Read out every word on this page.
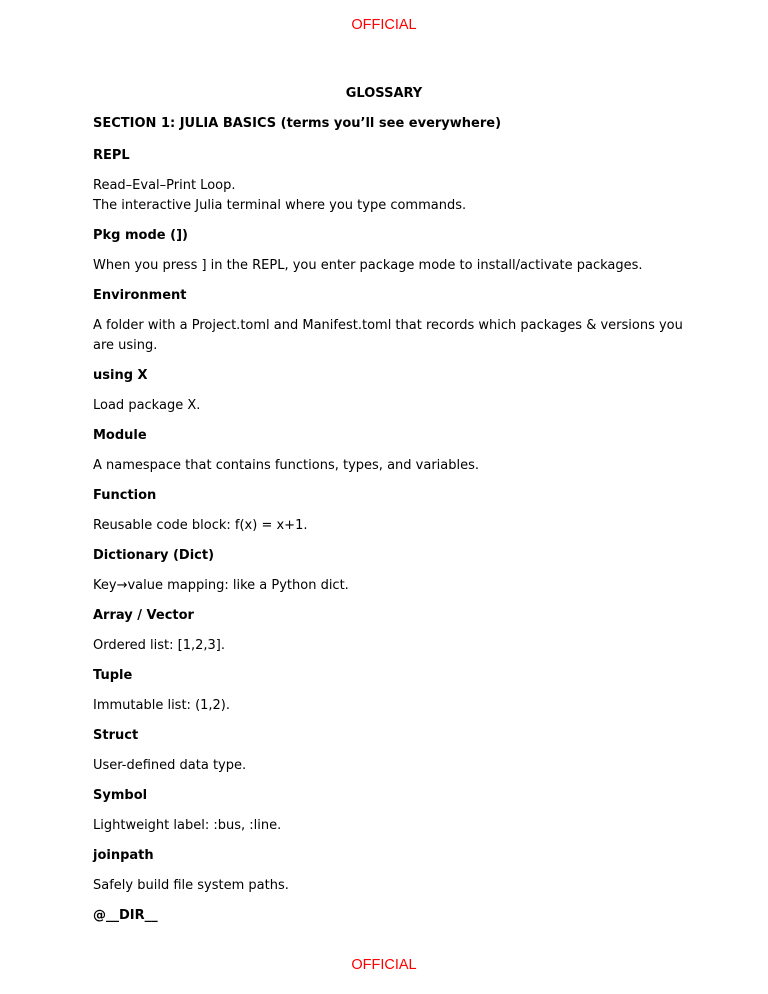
OFFICIAL
GLOSSARY
SECTION 1: JULIA BASICS (terms you’ll see everywhere)
REPL

Read–Eval–Print Loop.
The interactive Julia terminal where you type commands.

Pkg mode (])

When you press ] in the REPL, you enter package mode to install/activate packages.

Environment

A folder with a Project.toml and Manifest.toml that records which packages & versions you are using.

using X

Load package X.

Module

A namespace that contains functions, types, and variables.

Function

Reusable code block: f(x) = x+1.

Dictionary (Dict)

Key→value mapping: like a Python dict.

Array / Vector

Ordered list: [1,2,3].

Tuple

Immutable list: (1,2).

Struct

User-defined data type.

Symbol

Lightweight label: :bus, :line.

joinpath

Safely build file system paths.

@__DIR__
OFFICIAL
